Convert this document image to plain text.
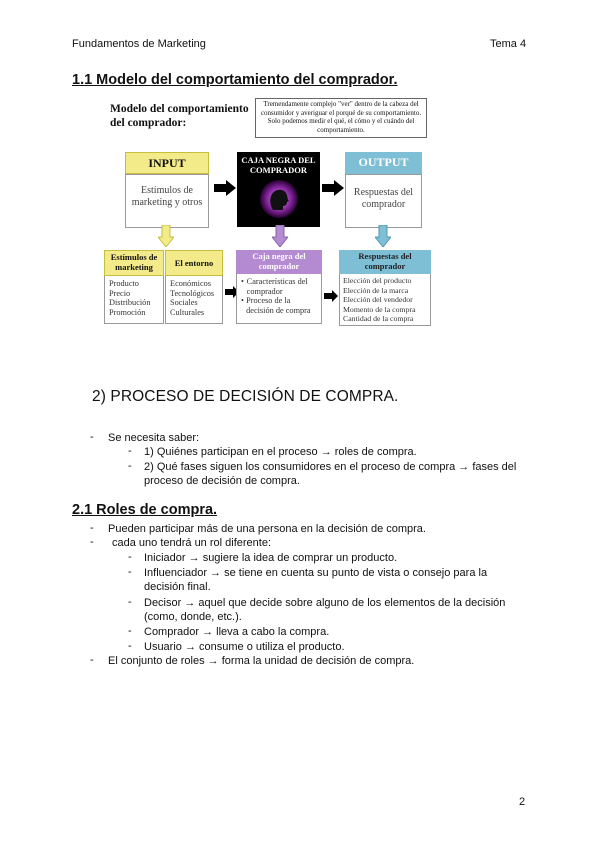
Fundamentos de Marketing	Tema 4
1.1 Modelo del comportamiento del comprador.
Modelo del comportamiento
del comprador:
Tremendamente complejo "ver" dentro de la cabeza del consumidor y averiguar el porqué de su comportamiento. Solo podemos medir el qué, el cómo y el cuándo del comportamiento.
INPUT
Estímulos de marketing y otros
CAJA NEGRA DEL COMPRADOR
OUTPUT
Respuestas del comprador
Estímulos de marketing
Producto
Precio
Distribución
Promoción
El entorno
Económicos
Tecnológicos
Sociales
Culturales
Caja negra del comprador
• Características del comprador
• Proceso de la decisión de compra
Respuestas del comprador
Elección del producto
Elección de la marca
Elección del vendedor
Momento de la compra
Cantidad de la compra
2) PROCESO DE DECISIÓN DE COMPRA.
- Se necesita saber:
- 1) Quiénes participan en el proceso → roles de compra.
- 2) Qué fases siguen los consumidores en el proceso de compra → fases del
proceso de decisión de compra.
2.1 Roles de compra.
- Pueden participar más de una persona en la decisión de compra.
- cada uno tendrá un rol diferente:
- Iniciador → sugiere la idea de comprar un producto.
- Influenciador → se tiene en cuenta su punto de vista o consejo para la
decisión final.
- Decisor → aquel que decide sobre alguno de los elementos de la decisión
(como, donde, etc.).
- Comprador → lleva a cabo la compra.
- Usuario → consume o utiliza el producto.
- El conjunto de roles → forma la unidad de decisión de compra.
2
